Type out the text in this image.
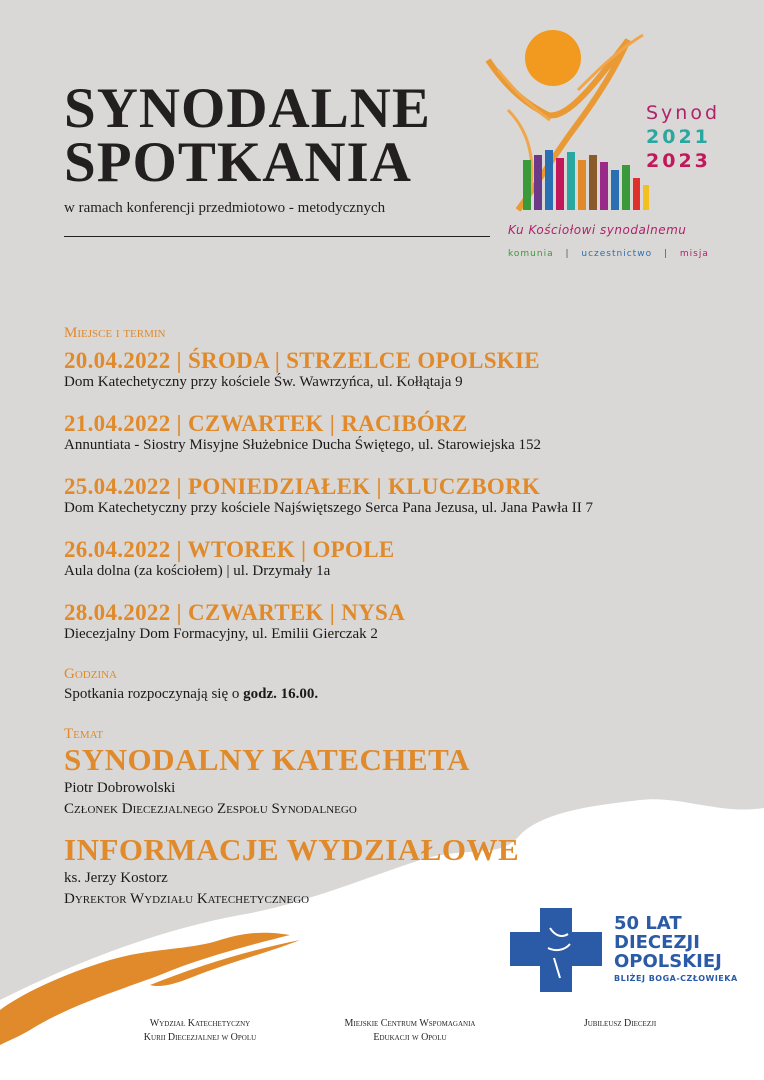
SYNODALNE
SPOTKANIA
w ramach konferencji przedmiotowo - metodycznych
Synod
2021
2023
Ku Kościołowi synodalnemu
komunia | uczestnictwo | misja
Miejsce i termin
20.04.2022 | ŚRODA | STRZELCE OPOLSKIE
Dom Katechetyczny przy kościele Św. Wawrzyńca, ul. Kołłątaja 9
21.04.2022 | CZWARTEK | RACIBÓRZ
Annuntiata - Siostry Misyjne Służebnice Ducha Świętego, ul. Starowiejska 152
25.04.2022 | PONIEDZIAŁEK | KLUCZBORK
Dom Katechetyczny przy kościele Najświętszego Serca Pana Jezusa, ul. Jana Pawła II 7
26.04.2022 | WTOREK | OPOLE
Aula dolna (za kościołem) | ul. Drzymały 1a
28.04.2022 | CZWARTEK | NYSA
Diecezjalny Dom Formacyjny, ul. Emilii Gierczak 2
Godzina
Spotkania rozpoczynają się o godz. 16.00.
Temat
SYNODALNY KATECHETA
Piotr Dobrowolski
Członek Diecezjalnego Zespołu Synodalnego
INFORMACJE WYDZIAŁOWE
ks. Jerzy Kostorz
Dyrektor Wydziału Katechetycznego
50 LAT
DIECEZJI
OPOLSKIEJ
BLIŻEJ BOGA-CZŁOWIEKA
Wydział Katechetyczny
Kurii Diecezjalnej w Opolu
Miejskie Centrum Wspomagania
Edukacji w Opolu
Jubileusz Diecezji
